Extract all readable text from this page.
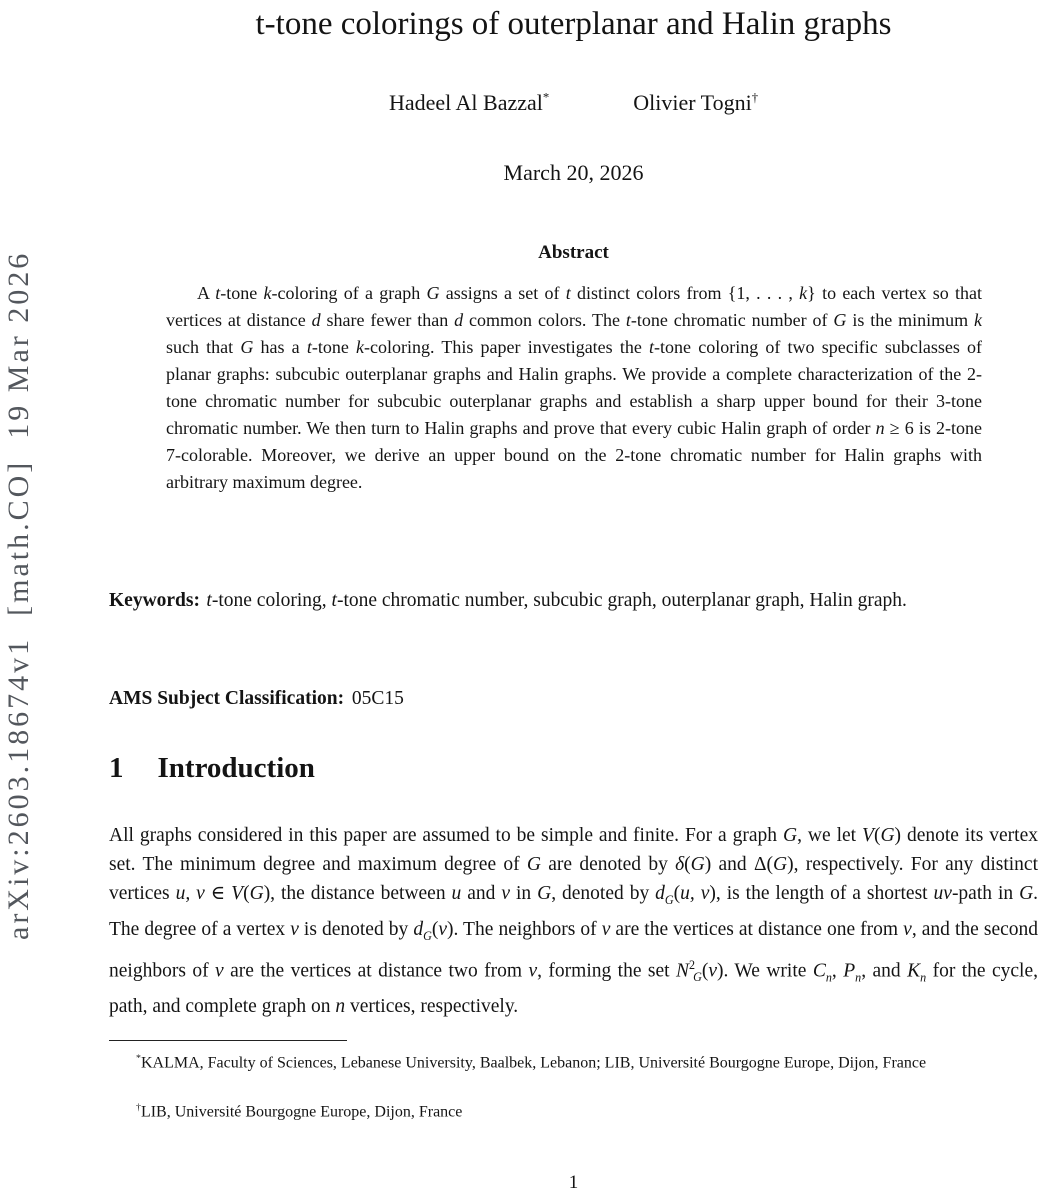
arXiv:2603.18674v1  [math.CO]  19 Mar 2026
t-tone colorings of outerplanar and Halin graphs
Hadeel Al Bazzal*	Olivier Togni†
March 20, 2026
Abstract

A t-tone k-coloring of a graph G assigns a set of t distinct colors from {1, . . . , k} to each vertex so that vertices at distance d share fewer than d common colors. The t-tone chromatic number of G is the minimum k such that G has a t-tone k-coloring. This paper investigates the t-tone coloring of two specific subclasses of planar graphs: subcubic outerplanar graphs and Halin graphs. We provide a complete characterization of the 2-tone chromatic number for subcubic outerplanar graphs and establish a sharp upper bound for their 3-tone chromatic number. We then turn to Halin graphs and prove that every cubic Halin graph of order n ≥ 6 is 2-tone 7-colorable. Moreover, we derive an upper bound on the 2-tone chromatic number for Halin graphs with arbitrary maximum degree.

Keywords: t-tone coloring, t-tone chromatic number, subcubic graph, outerplanar graph, Halin graph.

AMS Subject Classification: 05C15

1 Introduction

All graphs considered in this paper are assumed to be simple and finite. For a graph G, we let V(G) denote its vertex set. The minimum degree and maximum degree of G are denoted by δ(G) and Δ(G), respectively. For any distinct vertices u, v ∈ V(G), the distance between u and v in G, denoted by $d_G(u$, v), is the length of a shortest uv-path in G. The degree of a vertex v is denoted by $d_G(v)$. The neighbors of v are the vertices at distance one from v, and the second neighbors of v are the vertices at distance two from v, forming the set $N^2_G(v)$. We write $C_n$, $P_n$, and $K_n$ for the cycle, path, and complete graph on n vertices, respectively.

*KALMA, Faculty of Sciences, Lebanese University, Baalbek, Lebanon; LIB, Université Bourgogne Europe, Dijon, France

†LIB, Université Bourgogne Europe, Dijon, France

1
